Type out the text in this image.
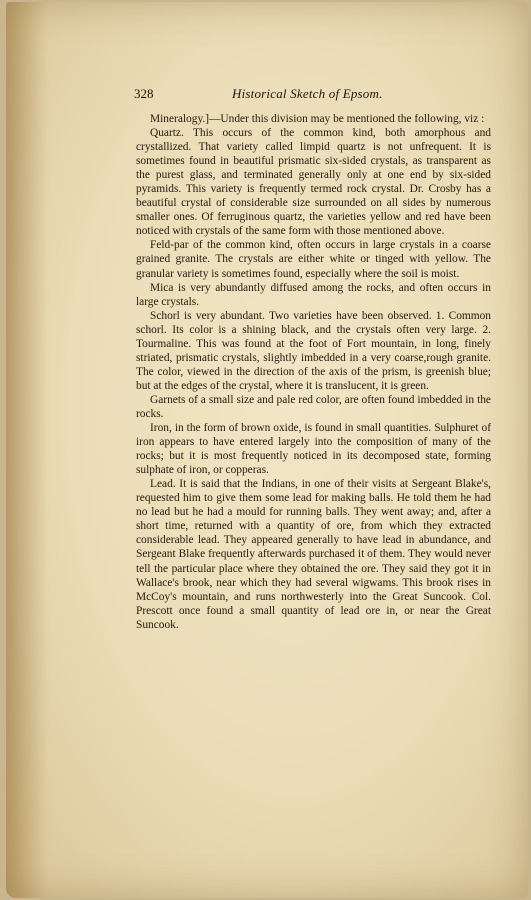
328	Historical Sketch of Epsom.

Mineralogy.]—Under this division may be mentioned the following, viz :

Quartz. This occurs of the common kind, both amorphous and crystallized. That variety called limpid quartz is not unfrequent. It is sometimes found in beautiful prismatic six-sided crystals, as transparent as the purest glass, and terminated generally only at one end by six-sided pyramids. This variety is frequently termed rock crystal. Dr. Crosby has a beautiful crystal of considerable size surrounded on all sides by numerous smaller ones. Of ferruginous quartz, the varieties yellow and red have been noticed with crystals of the same form with those mentioned above.

Feld-par of the common kind, often occurs in large crystals in a coarse grained granite. The crystals are either white or tinged with yellow. The granular variety is sometimes found, especially where the soil is moist.

Mica is very abundantly diffused among the rocks, and often occurs in large crystals.

Schorl is very abundant. Two varieties have been observed. 1. Common schorl. Its color is a shining black, and the crystals often very large. 2. Tourmaline. This was found at the foot of Fort mountain, in long, finely striated, prismatic crystals, slightly imbedded in a very coarse,rough granite. The color, viewed in the direction of the axis of the prism, is greenish blue; but at the edges of the crystal, where it is translucent, it is green.

Garnets of a small size and pale red color, are often found imbedded in the rocks.

Iron, in the form of brown oxide, is found in small quantities. Sulphuret of iron appears to have entered largely into the composition of many of the rocks; but it is most frequently noticed in its decomposed state, forming sulphate of iron, or copperas.

Lead. It is said that the Indians, in one of their visits at Sergeant Blake's, requested him to give them some lead for making balls. He told them he had no lead but he had a mould for running balls. They went away; and, after a short time, returned with a quantity of ore, from which they extracted considerable lead. They appeared generally to have lead in abundance, and Sergeant Blake frequently afterwards purchased it of them. They would never tell the particular place where they obtained the ore. They said they got it in Wallace's brook, near which they had several wigwams. This brook rises in McCoy's mountain, and runs northwesterly into the Great Suncook. Col. Prescott once found a small quantity of lead ore in, or near the Great Suncook.
